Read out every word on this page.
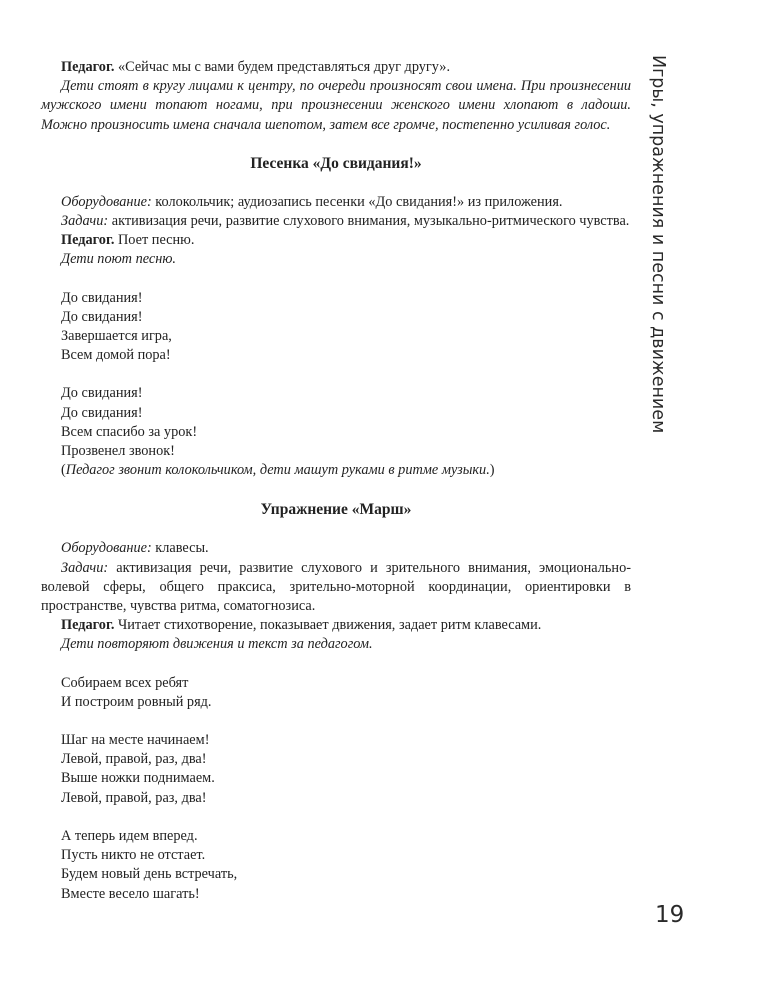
Педагог. «Сейчас мы с вами будем представляться друг другу».

Дети стоят в кругу лицами к центру, по очереди произносят свои имена. При произнесении мужского имени топают ногами, при произнесении женского имени хлопают в ладоши. Можно произносить имена сначала шепотом, затем все громче, постепенно усиливая голос.

Песенка «До свидания!»

Оборудование: колокольчик; аудиозапись песенки «До свидания!» из приложения.

Задачи: активизация речи, развитие слухового внимания, музыкально-ритмического чувства.

Педагог. Поет песню.

Дети поют песню.

До свидания!
До свидания!
Завершается игра,
Всем домой пора!
До свидания!
До свидания!
Всем спасибо за урок!
Прозвенел звонок!
(Педагог звонит колокольчиком, дети машут руками в ритме музыки.)
Упражнение «Марш»

Оборудование: клавесы.

Задачи: активизация речи, развитие слухового и зрительного внимания, эмоционально-волевой сферы, общего праксиса, зрительно-моторной координации, ориентировки в пространстве, чувства ритма, соматогнозиса.

Педагог. Читает стихотворение, показывает движения, задает ритм клавесами.

Дети повторяют движения и текст за педагогом.

Собираем всех ребят
И построим ровный ряд.
Шаг на месте начинаем!
Левой, правой, раз, два!
Выше ножки поднимаем.
Левой, правой, раз, два!
А теперь идем вперед.
Пусть никто не отстает.
Будем новый день встречать,
Вместе весело шагать!
Игры, упражнения и песни с движением
19
